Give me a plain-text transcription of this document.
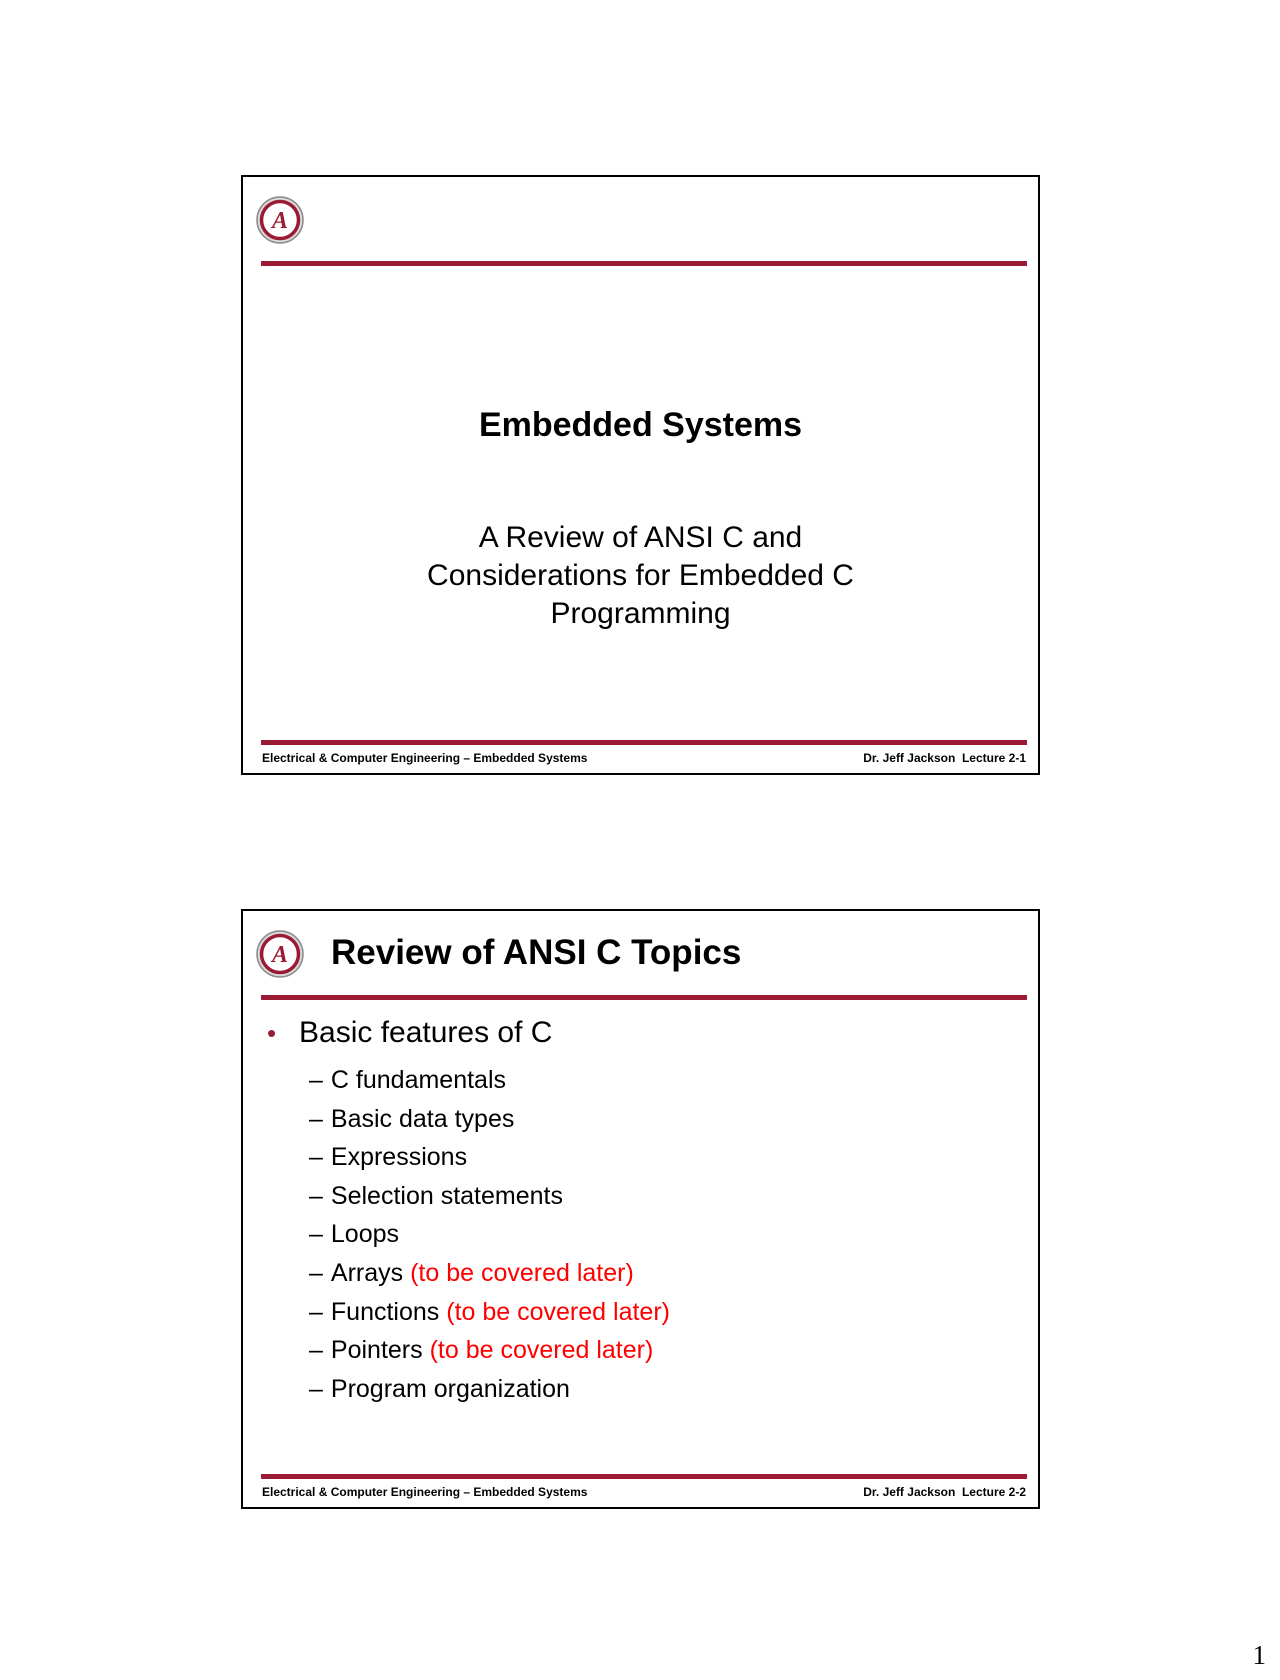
A
Embedded Systems
A Review of ANSI C and Considerations for Embedded C Programming
Electrical & Computer Engineering – Embedded Systems	Dr. Jeff Jackson  Lecture 2-1
A Review of ANSI C Topics
• Basic features of C
– C fundamentals
– Basic data types
– Expressions
– Selection statements
– Loops
– Arrays (to be covered later)
– Functions (to be covered later)
– Pointers (to be covered later)
– Program organization
Electrical & Computer Engineering – Embedded Systems	Dr. Jeff Jackson  Lecture 2-2
1
